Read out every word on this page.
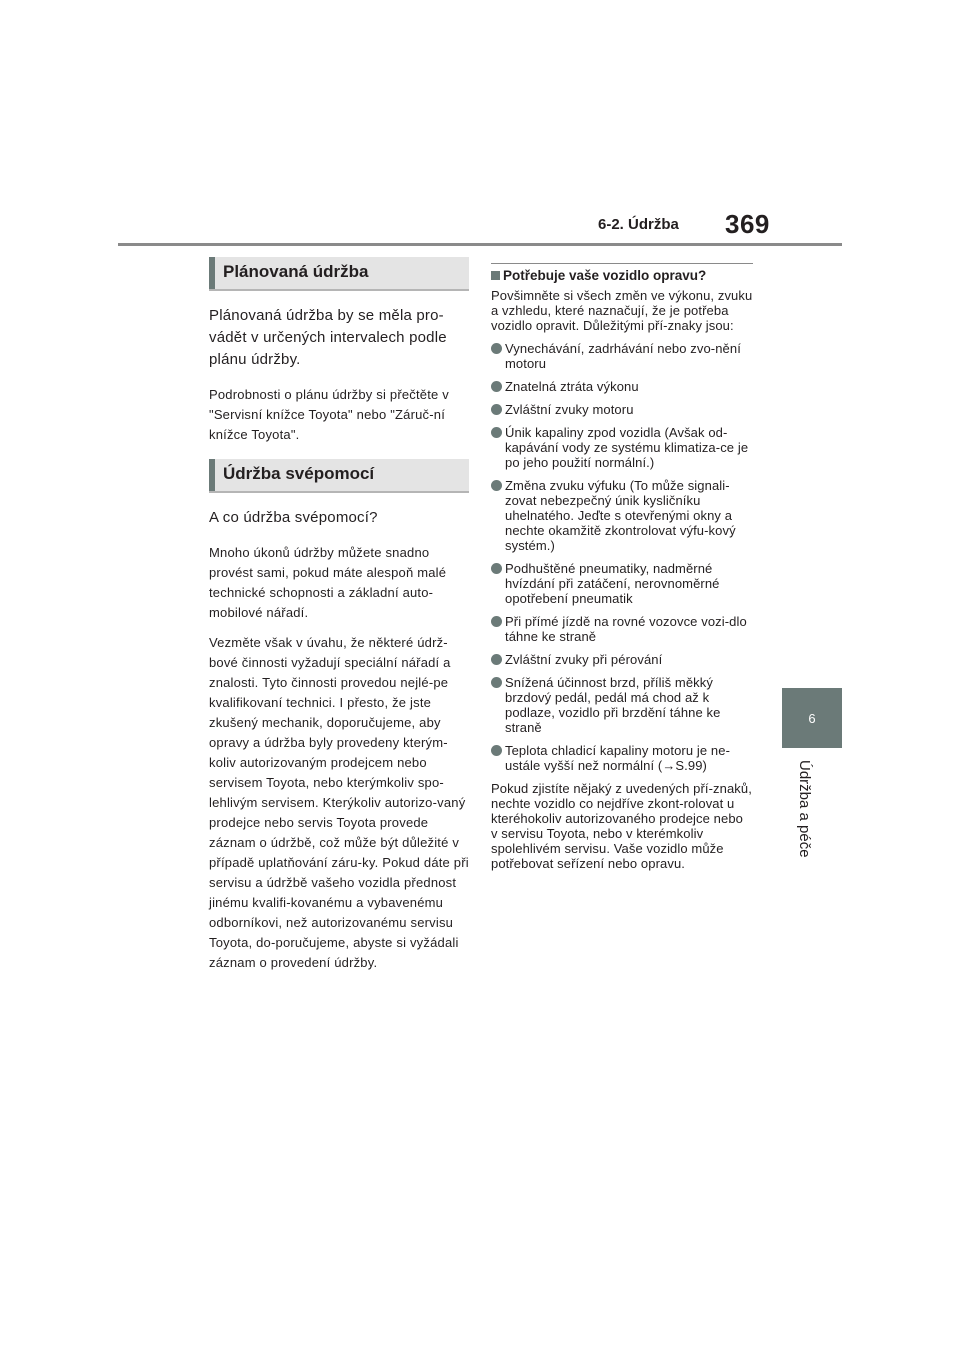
6-2. Údržba 369
6
Údržba a péče
Plánovaná údržba

Plánovaná údržba by se měla pro-vádět v určených intervalech podle plánu údržby.

Podrobnosti o plánu údržby si přečtěte v "Servisní knížce Toyota" nebo "Záruč-ní knížce Toyota".

Údržba svépomocí

A co údržba svépomocí?

Mnoho úkonů údržby můžete snadno provést sami, pokud máte alespoň malé technické schopnosti a základní auto-mobilové nářadí.

Vezměte však v úvahu, že některé údrž-bové činnosti vyžadují speciální nářadí a znalosti. Tyto činnosti provedou nejlé-pe kvalifikovaní technici. I přesto, že jste zkušený mechanik, doporučujeme, aby opravy a údržba byly provedeny kterým-koliv autorizovaným prodejcem nebo servisem Toyota, nebo kterýmkoliv spo-lehlivým servisem. Kterýkoliv autorizo-vaný prodejce nebo servis Toyota provede záznam o údržbě, což může být důležité v případě uplatňování záru-ky. Pokud dáte při servisu a údržbě vašeho vozidla přednost jinému kvalifi-kovanému a vybavenému odborníkovi, než autorizovanému servisu Toyota, do-poručujeme, abyste si vyžádali záznam o provedení údržby.

Potřebuje vaše vozidlo opravu?

Povšimněte si všech změn ve výkonu, zvuku a vzhledu, které naznačují, že je potřeba vozidlo opravit. Důležitými pří-znaky jsou:

Vynechávání, zadrhávání nebo zvo-nění motoru
Znatelná ztráta výkonu
Zvláštní zvuky motoru
Únik kapaliny zpod vozidla (Avšak od-kapávání vody ze systému klimatiza-ce je po jeho použití normální.)
Změna zvuku výfuku (To může signali-zovat nebezpečný únik kysličníku uhelnatého. Jeďte s otevřenými okny a nechte okamžitě zkontrolovat výfu-kový systém.)
Podhuštěné pneumatiky, nadměrné hvízdání při zatáčení, nerovnoměrné opotřebení pneumatik
Při přímé jízdě na rovné vozovce vozi-dlo táhne ke straně
Zvláštní zvuky při pérování
Snížená účinnost brzd, příliš měkký brzdový pedál, pedál má chod až k podlaze, vozidlo při brzdění táhne ke straně
Teplota chladicí kapaliny motoru je ne-ustále vyšší než normální (→S.99)

Pokud zjistíte nějaký z uvedených pří-znaků, nechte vozidlo co nejdříve zkont-rolovat u kteréhokoliv autorizovaného prodejce nebo v servisu Toyota, nebo v kterémkoliv spolehlivém servisu. Vaše vozidlo může potřebovat seřízení nebo opravu.
